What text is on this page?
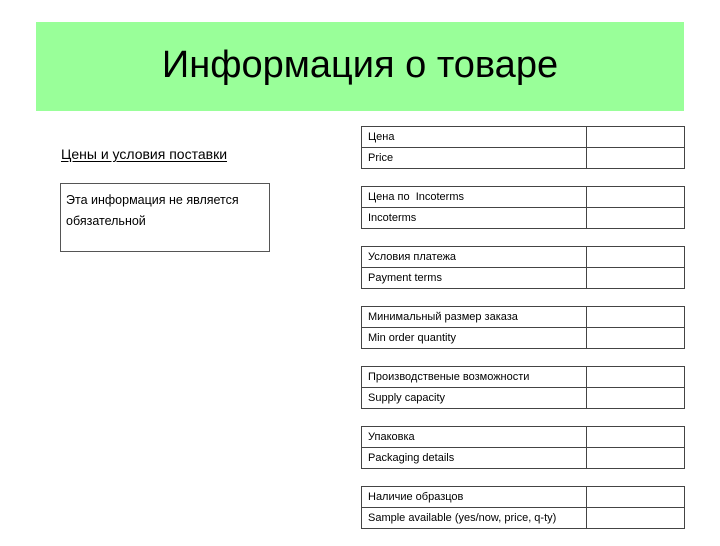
Информация о товаре
Цены и условия поставки
Эта информация не является обязательной
Цена	
Price	
Цена по  Incoterms	
Incoterms	
Условия платежа	
Payment terms	
Минимальный размер заказа	
Min order quantity	
Производственые возможности	
Supply capacity	
Упаковка	
Packaging details	
Наличие образцов	
Sample available (yes/now, price, q-ty)	
